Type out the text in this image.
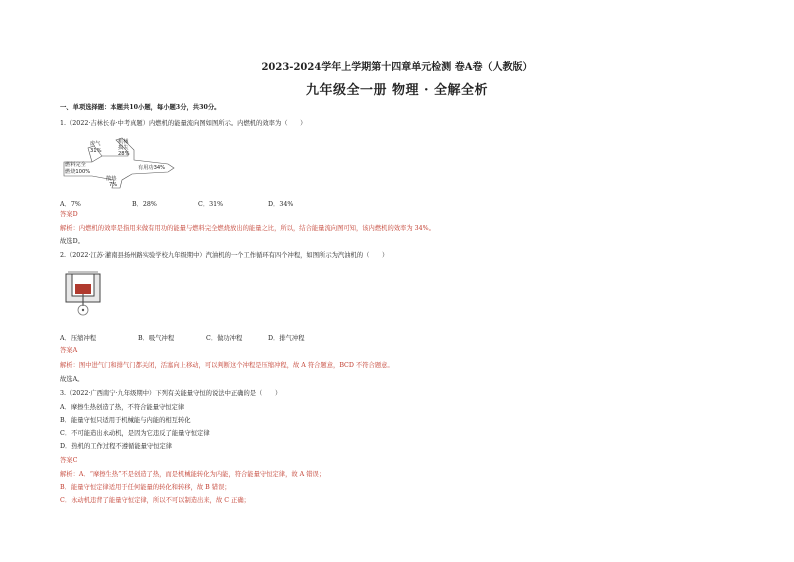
2023-2024学年上学期第十四章单元检测 卷A卷（人教版）
九年级全一册 物理 · 全解全析
一、单项选择题：本题共10小题，每小题3分，共30分。
1.（2022·吉林长春·中考真题）内燃机的能量流向图如图所示。内燃机的效率为（　　）
废气
31%
机械
损失
28%
燃料完全
燃烧100%
有用功34%
散热
7%
A．7%	B．28%	C．31%	D．34%
答案D
解析：内燃机的效率是指用来做有用功的能量与燃料完全燃烧放出的能量之比，所以，结合能量流向图可知，该内燃机的效率为 34%。
故选D。
2.（2022·江苏·灌南县扬州路实验学校九年级期中）汽油机的一个工作循环有四个冲程，如图所示为汽油机的（　　）
A．压缩冲程	B．吸气冲程	C．做功冲程	D．排气冲程
答案A
解析：图中进气门和排气门都关闭，活塞向上移动，可以判断这个冲程是压缩冲程，故 A 符合题意，BCD 不符合题意。
故选A。
3.（2022·广西南宁·九年级期中）下列有关能量守恒的说法中正确的是（　　）
A．摩擦生热创造了热，不符合能量守恒定律
B．能量守恒只适用于机械能与内能的相互转化
C．不可能造出永动机，是因为它违反了能量守恒定律
D．热机的工作过程不遵循能量守恒定律
答案C
解析：A．“摩擦生热”不是创造了热，而是机械能转化为内能，符合能量守恒定律，故 A 错误；
B．能量守恒定律适用于任何能量的转化和转移，故 B 错误；
C．永动机违背了能量守恒定律，所以不可以制造出来，故 C 正确；
